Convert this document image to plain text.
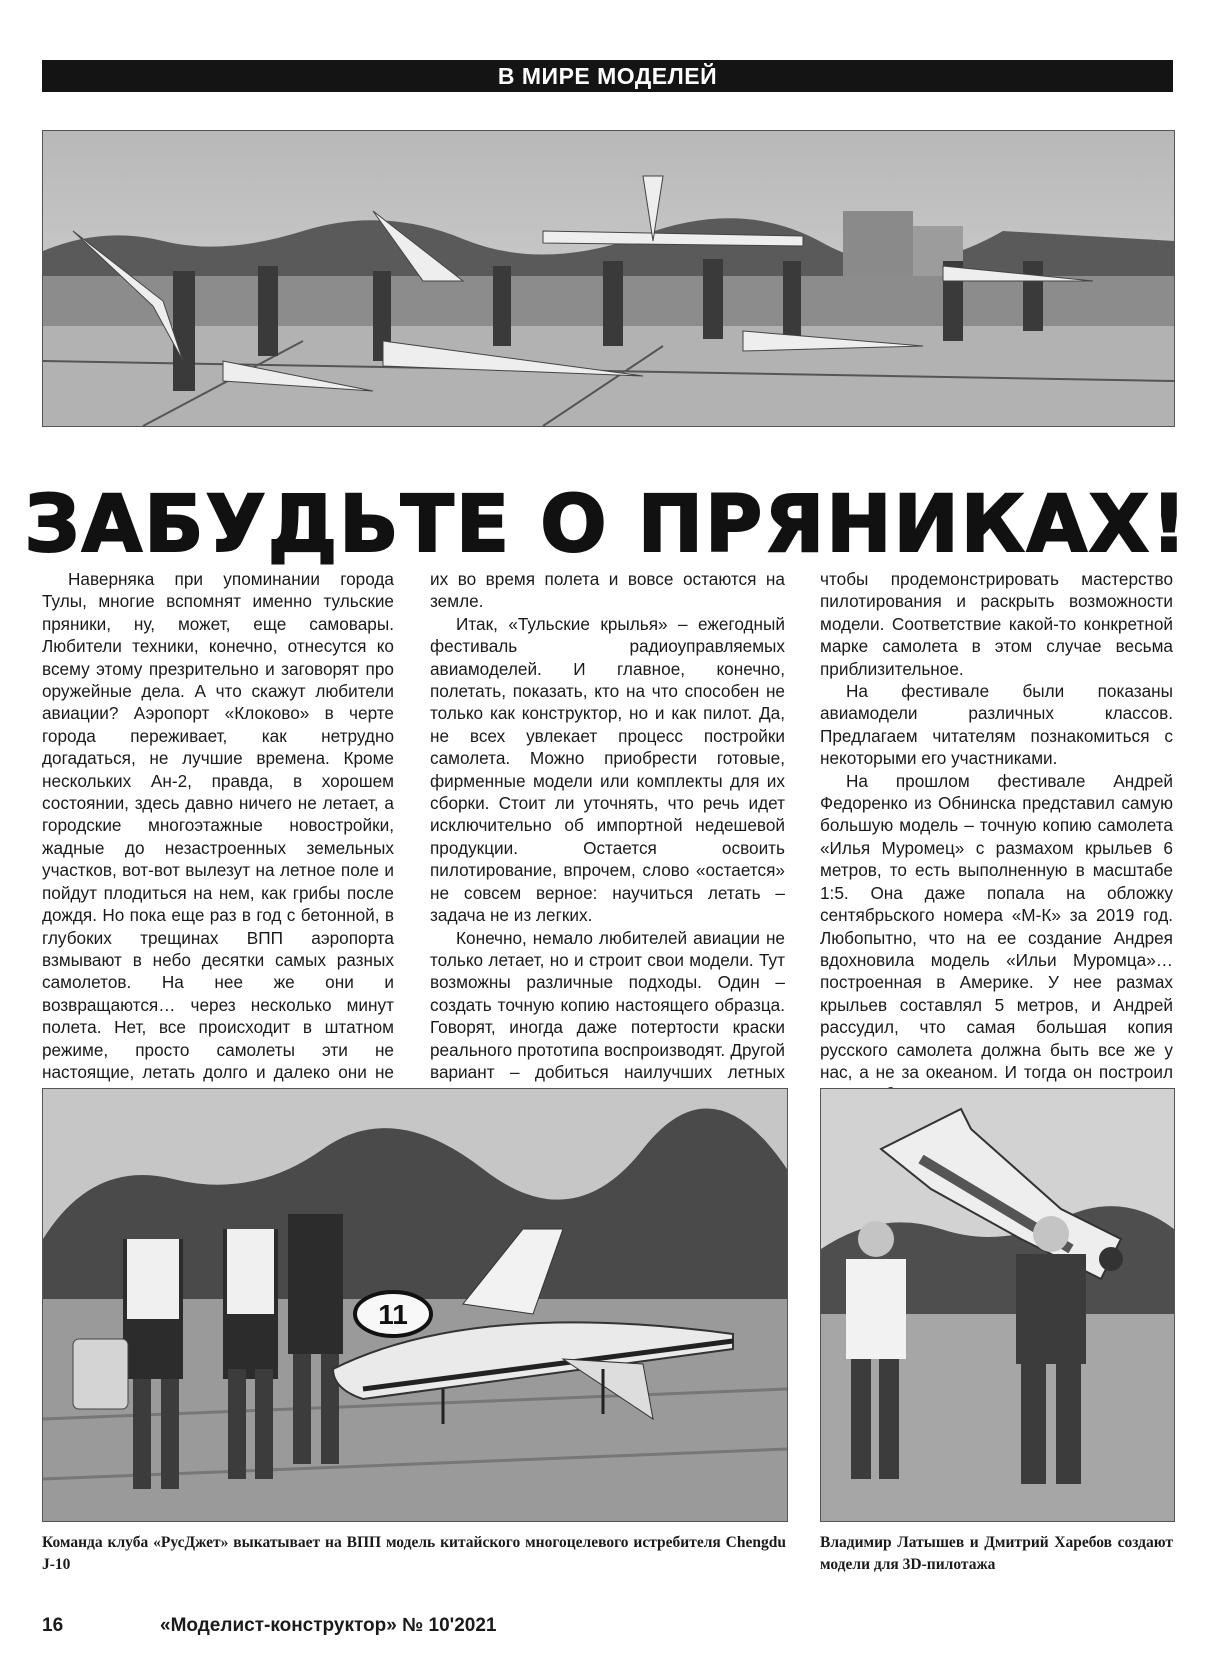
В МИРЕ МОДЕЛЕЙ
ЗАБУДЬТЕ О ПРЯНИКАХ!

Наверняка при упоминании города Тулы, многие вспомнят именно тульские пряники, ну, может, еще самовары. Любители техники, конечно, отнесутся ко всему этому презрительно и заговорят про оружейные дела. А что скажут любители авиации? Аэропорт «Клоково» в черте города переживает, как нетрудно догадаться, не лучшие времена. Кроме нескольких Ан-2, правда, в хорошем состоянии, здесь давно ничего не летает, а городские многоэтажные новостройки, жадные до незастроенных земельных участков, вот-вот вылезут на летное поле и пойдут плодиться на нем, как грибы после дождя. Но пока еще раз в год с бетонной, в глубоких трещинах ВПП аэропорта взмывают в небо десятки самых разных самолетов. На нее же они и возвращаются… через несколько минут полета. Нет, все происходит в штатном режиме, просто самолеты эти не настоящие, летать долго и далеко они не

их во время полета и вовсе остаются на земле.

Итак, «Тульские крылья» – ежегодный фестиваль радиоуправляемых авиамоделей. И главное, конечно, полетать, показать, кто на что способен не только как конструктор, но и как пилот. Да, не всех увлекает процесс постройки самолета. Можно приобрести готовые, фирменные модели или комплекты для их сборки. Стоит ли уточнять, что речь идет исключительно об импортной недешевой продукции. Остается освоить пилотирование, впрочем, слово «остается» не совсем верное: научиться летать – задача не из легких.

Конечно, немало любителей авиации не только летает, но и строит свои модели. Тут возможны различные подходы. Один – создать точную копию настоящего образца. Говорят, иногда даже потертости краски реального прототипа воспроизводят. Другой вариант – добиться наилучших летных

чтобы продемонстрировать мастерство пилотирования и раскрыть возможности модели. Соответствие какой-то конкретной марке самолета в этом случае весьма приблизительное.

На фестивале были показаны авиамодели различных классов. Предлагаем читателям познакомиться с некоторыми его участниками.

На прошлом фестивале Андрей Федоренко из Обнинска представил самую большую модель – точную копию самолета «Илья Муромец» с размахом крыльев 6 метров, то есть выполненную в масштабе 1:5. Она даже попала на обложку сентябрьского номера «М-К» за 2019 год. Любопытно, что на ее создание Андрея вдохновила модель «Ильи Муромца»… построенная в Америке. У нее размах крыльев составлял 5 метров, и Андрей рассудил, что самая большая копия русского самолета должна быть все же у нас, а не за океаном. И тогда он построил

11
Команда клуба «РусДжет» выкатывает на ВПП модель китайского многоцелевого истребителя Chengdu J-10
Владимир Латышев и Дмитрий Харебов создают модели для 3D-пилотажа
16	«Моделист-конструктор» № 10'2021
